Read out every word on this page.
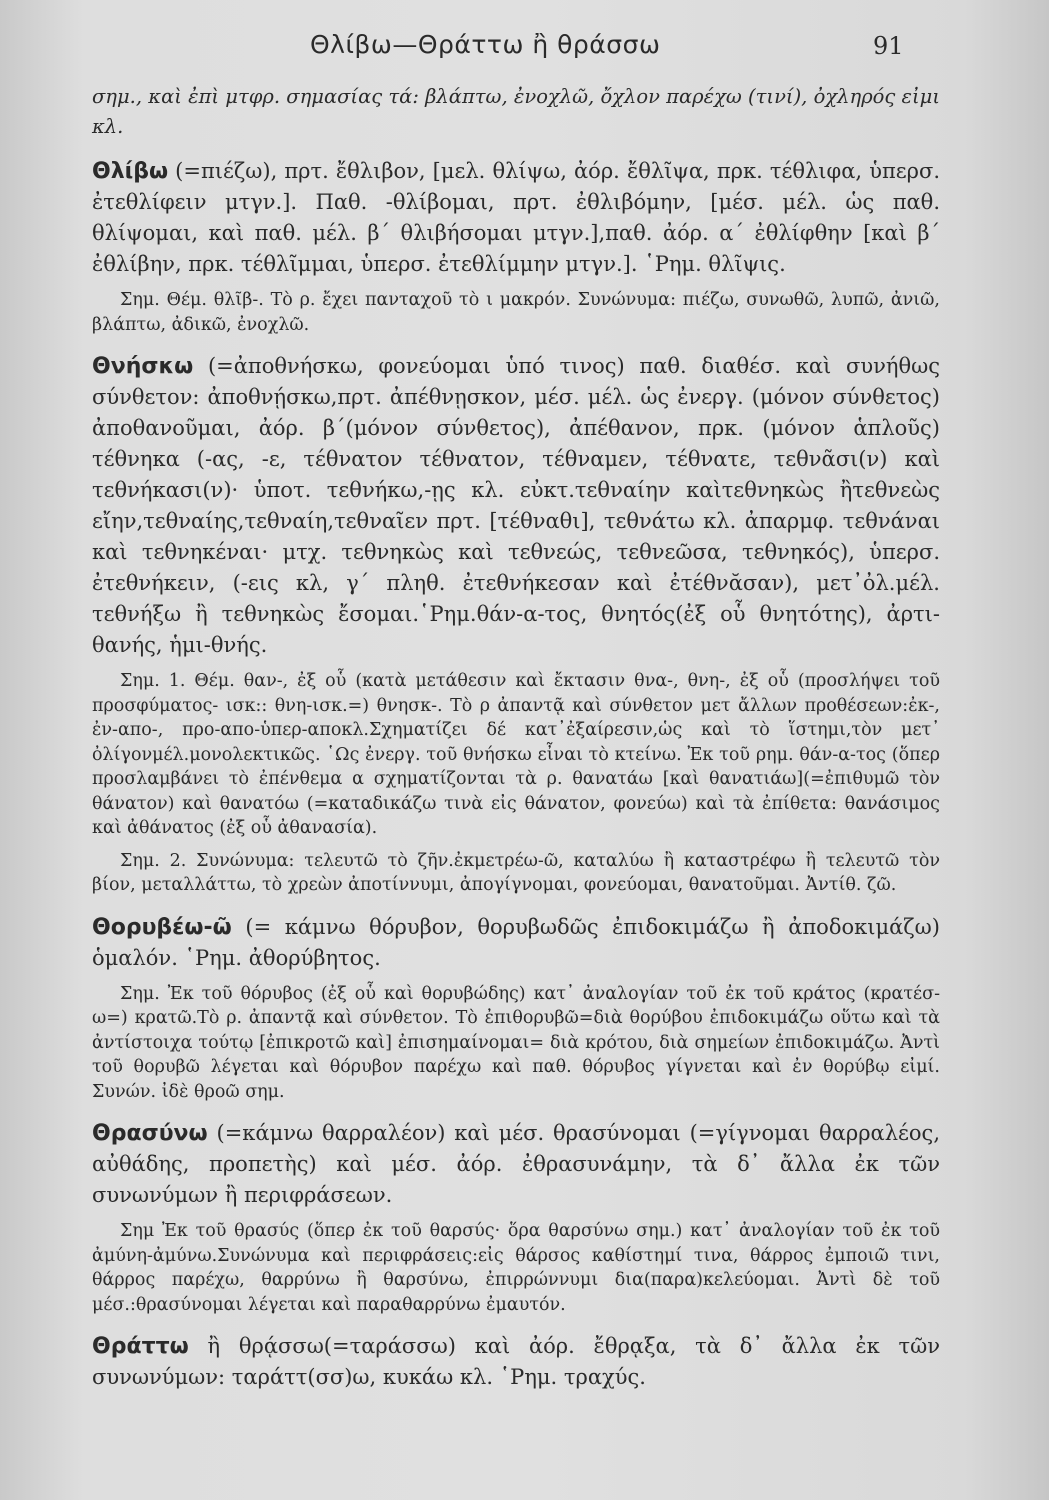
Θλίβω—Θράττω ἢ θράσσω	91

σημ., καὶ ἐπὶ μτφρ. σημασίας τά: βλάπτω, ἐνοχλῶ, ὄχλον παρέχω (τινί), ὀχληρός εἰμι κλ.

Θλίβω (=πιέζω), πρτ. ἔθλιβον, [μελ. θλίψω, ἀόρ. ἔθλῖψα, πρκ. τέθλιφα, ὑπερσ. ἐτεθλίφειν μτγν.]. Παθ. -θλίβομαι, πρτ. ἐθλιβόμην, [μέσ. μέλ. ὡς παθ. θλίψομαι, καὶ παθ. μέλ. β΄ θλιβήσομαι μτγν.],παθ. ἀόρ. α΄ ἐθλίφθην [καὶ β΄ ἐθλίβην, πρκ. τέθλῖμμαι, ὑπερσ. ἐτεθλίμμην μτγν.]. ῾Ρημ. θλῖψις.

Σημ. Θέμ. θλῖβ-. Τὸ ρ. ἔχει πανταχοῦ τὸ ι μακρόν. Συνώνυμα: πιέζω, συνωθῶ, λυπῶ, ἀνιῶ, βλάπτω, ἀδικῶ, ἐνοχλῶ.

Θνήσκω (=ἀποθνήσκω, φονεύομαι ὑπό τινος) παθ. διαθέσ. καὶ συνήθως σύνθετον: ἀποθνῄσκω,πρτ. ἀπέθνῃσκον, μέσ. μέλ. ὡς ἐνεργ. (μόνον σύνθετος) ἀποθανοῦμαι, ἀόρ. β΄(μόνον σύνθετος), ἀπέθανον, πρκ. (μόνον ἁπλοῦς) τέθνηκα (-ας, -ε, τέθνατον τέθνατον, τέθναμεν, τέθνατε, τεθνᾶσι(ν) καὶ τεθνήκασι(ν)· ὑποτ. τεθνήκω,-ῃς κλ. εὐκτ.τεθναίην καὶτεθνηκὼς ἢτεθνεὼς εἴην,τεθναίης,τεθναίη,τεθναῖεν πρτ. [τέθναθι], τεθνάτω κλ. ἀπαρμφ. τεθνάναι καὶ τεθνηκέναι· μτχ. τεθνηκὼς καὶ τεθνεώς, τεθνεῶσα, τεθνηκός), ὑπερσ. ἐτεθνήκειν, (-εις κλ, γ΄ πληθ. ἐτεθνήκεσαν καὶ ἐτέθνᾰσαν), μετ᾽ὀλ.μέλ. τεθνήξω ἢ τεθνηκὼς ἔσομαι.῾Ρημ.θάν-α-τος, θνητός(ἐξ οὗ θνητότης), ἀρτι-θανής, ἡμι-θνής.

Σημ. 1. Θέμ. θαν-, ἐξ οὗ (κατὰ μετάθεσιν καὶ ἔκτασιν θνα-, θνη-, ἐξ οὗ (προσλήψει τοῦ προσφύματος- ισκ:: θνη-ισκ.=) θνησκ-. Τὸ ρ ἀπαντᾷ καὶ σύνθετον μετ ἄλλων προθέσεων:ἐκ-, ἐν-απο-, προ-απο-ὑπερ-αποκλ.Σχηματίζει δέ κατ᾽ἐξαίρεσιν,ὡς καὶ τὸ ἵστημι,τὸν μετ᾽ ὀλίγονμέλ.μονολεκτικῶς. ῾Ως ἐνεργ. τοῦ θνήσκω εἶναι τὸ κτείνω. Ἐκ τοῦ ρημ. θάν-α-τος (ὅπερ προσλαμβάνει τὸ ἐπένθεμα α σχηματίζονται τὰ ρ. θανατάω [καὶ θανατιάω](=ἐπιθυμῶ τὸν θάνατον) καὶ θανατόω (=καταδικάζω τινὰ εἰς θάνατον, φονεύω) καὶ τὰ ἐπίθετα: θανάσιμος καὶ ἀθάνατος (ἐξ οὗ ἀθανασία).

Σημ. 2. Συνώνυμα: τελευτῶ τὸ ζῆν.ἐκμετρέω-ῶ, καταλύω ἢ καταστρέφω ἢ τελευτῶ τὸν βίον, μεταλλάττω, τὸ χρεὼν ἀποτίννυμι, ἀπογίγνομαι, φονεύομαι, θανατοῦμαι. Ἀντίθ. ζῶ.

Θορυβέω-ῶ (= κάμνω θόρυβον, θορυβωδῶς ἐπιδοκιμάζω ἢ ἀποδοκιμάζω) ὁμαλόν. ῾Ρημ. ἀθορύβητος.

Σημ. Ἐκ τοῦ θόρυβος (ἐξ οὗ καὶ θορυβώδης) κατ᾽ ἀναλογίαν τοῦ ἐκ τοῦ κράτος (κρατέσ-ω=) κρατῶ.Τὸ ρ. ἀπαντᾷ καὶ σύνθετον. Τὸ ἐπιθορυβῶ=διὰ θορύβου ἐπιδοκιμάζω οὕτω καὶ τὰ ἀντίστοιχα τούτῳ [ἐπικροτῶ καὶ] ἐπισημαίνομαι= διὰ κρότου, διὰ σημείων ἐπιδοκιμάζω. Ἀντὶ τοῦ θορυβῶ λέγεται καὶ θόρυβον παρέχω καὶ παθ. θόρυβος γίγνεται καὶ ἐν θορύβῳ εἰμί. Συνών. ἰδὲ θροῶ σημ.

Θρασύνω (=κάμνω θαρραλέον) καὶ μέσ. θρασύνομαι (=γίγνομαι θαρραλέος, αὐθάδης, προπετὴς) καὶ μέσ. ἀόρ. ἐθρασυνάμην, τὰ δ᾽ ἄλλα ἐκ τῶν συνωνύμων ἢ περιφράσεων.

Σημ Ἐκ τοῦ θρασύς (ὅπερ ἐκ τοῦ θαρσύς· ὅρα θαρσύνω σημ.) κατ᾽ ἀναλογίαν τοῦ ἐκ τοῦ ἀμύνη-ἀμύνω.Συνώνυμα καὶ περιφράσεις:εἰς θάρσος καθίστημί τινα, θάρρος ἐμποιῶ τινι, θάρρος παρέχω, θαρρύνω ἢ θαρσύνω, ἐπιρρώννυμι δια(παρα)κελεύομαι. Ἀντὶ δὲ τοῦ μέσ.:θρασύνομαι λέγεται καὶ παραθαρρύνω ἐμαυτόν.

Θράττω ἢ θρᾴσσω(=ταράσσω) καὶ ἀόρ. ἔθρᾳξα, τὰ δ᾽ ἄλλα ἐκ τῶν συνωνύμων: ταράττ(σσ)ω, κυκάω κλ. ῾Ρημ. τραχύς.
